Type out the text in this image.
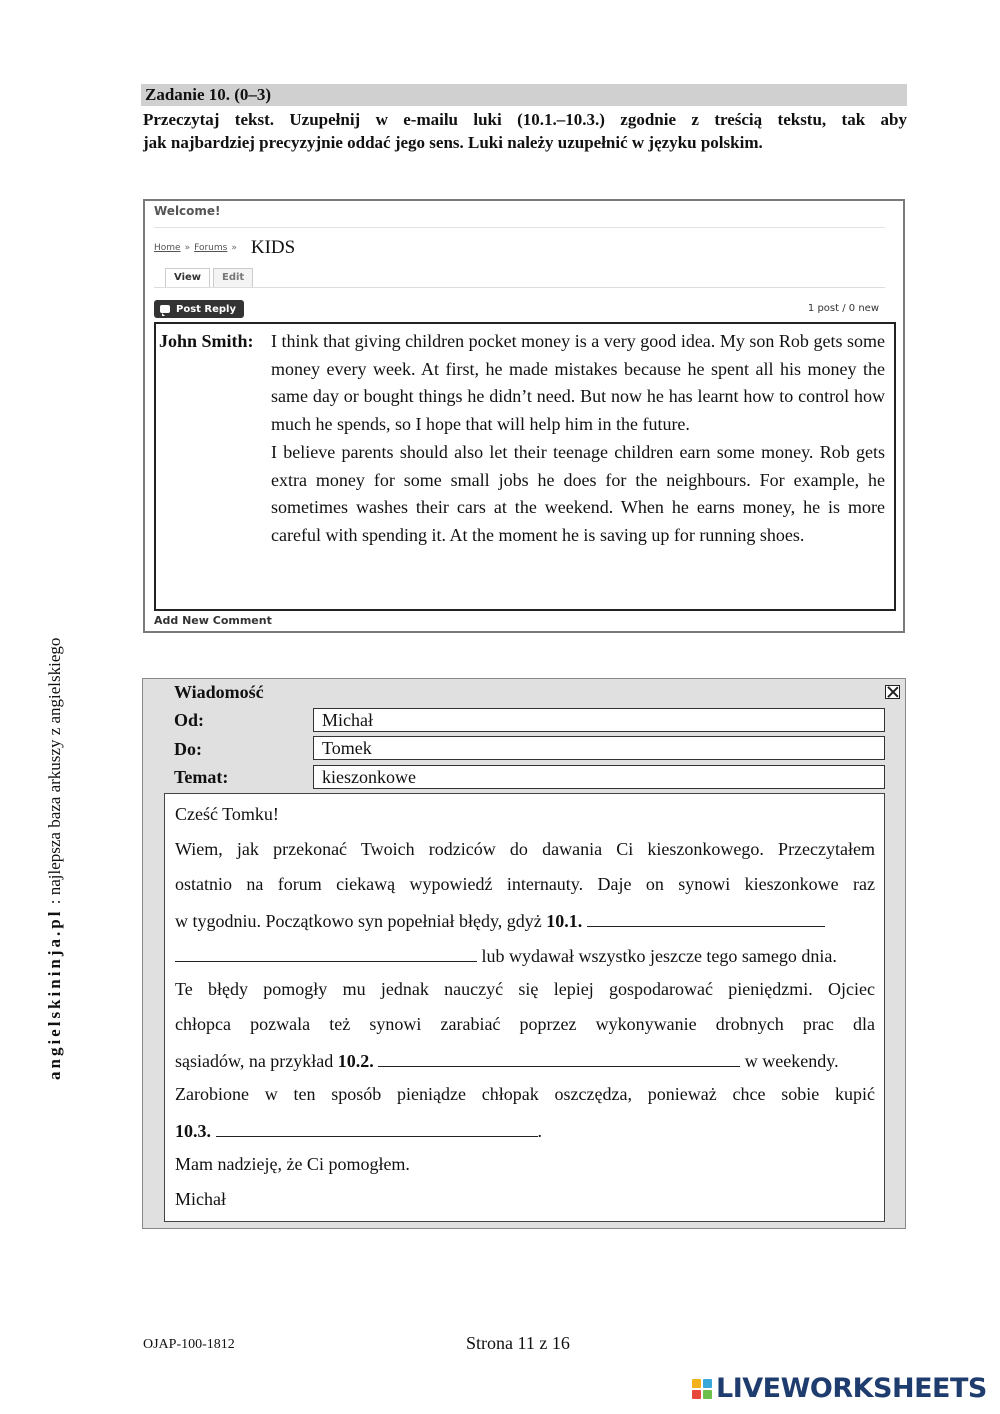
Zadanie 10. (0–3)
Przeczytaj tekst. Uzupełnij w e-mailu luki (10.1.–10.3.) zgodnie z treścią tekstu, tak aby
jak najbardziej precyzyjnie oddać jego sens. Luki należy uzupełnić w języku polskim.
Welcome!
Home » Forums » KIDS
View	Edit
Post Reply	1 post / 0 new
John Smith: I think that giving children pocket money is a very good idea. My son Rob gets some money every week. At first, he made mistakes because he spent all his money the same day or bought things he didn’t need. But now he has learnt how to control how much he spends, so I hope that will help him in the future.

I believe parents should also let their teenage children earn some money. Rob gets extra money for some small jobs he does for the neighbours. For example, he sometimes washes their cars at the weekend. When he earns money, he is more careful with spending it. At the moment he is saving up for running shoes.

Add New Comment
Wiadomość
Od:	Michał
Do:	Tomek
Temat:	kieszonkowe
Cześć Tomku!
Wiem, jak przekonać Twoich rodziców do dawania Ci kieszonkowego. Przeczytałem
ostatnio na forum ciekawą wypowiedź internauty. Daje on synowi kieszonkowe raz
w tygodniu. Początkowo syn popełniał błędy, gdyż 10.1.
lub wydawał wszystko jeszcze tego samego dnia.
Te błędy pomogły mu jednak nauczyć się lepiej gospodarować pieniędzmi. Ojciec
chłopca pozwala też synowi zarabiać poprzez wykonywanie drobnych prac dla
sąsiadów, na przykład 10.2.	w weekendy.
Zarobione w ten sposób pieniądze chłopak oszczędza, ponieważ chce sobie kupić
10.3.	.
Mam nadzieję, że Ci pomogłem.
Michał
angielskininja.pl : najlepsza baza arkuszy z angielskiego
OJAP-100-1812	Strona 11 z 16
LIVEWORKSHEETS
